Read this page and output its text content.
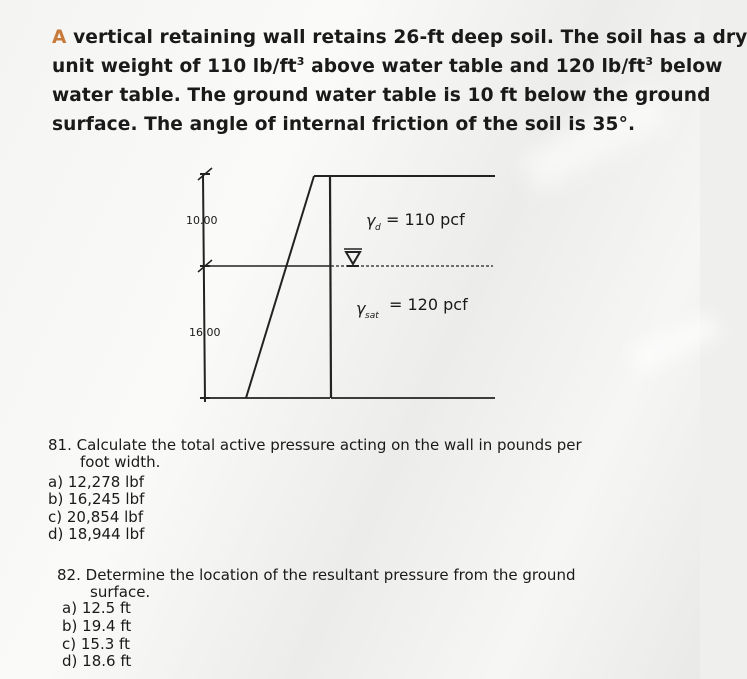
A vertical retaining wall retains 26-ft deep soil. The soil has a dry
unit weight of 110 $lb/ft^3$ above water table and 120 $lb/ft^3$ below
water table. The ground water table is 10 ft below the ground
surface. The angle of internal friction of the soil is 35°.
10.00
16.00
γ d = 110 pcf
γ sat
= 120 pcf
81. Calculate the total active pressure acting on the wall in pounds per
foot width.
a) 12,278 lbf
b) 16,245 lbf
c) 20,854 lbf
d) 18,944 lbf
82. Determine the location of the resultant pressure from the ground
surface.
a) 12.5 ft
b) 19.4 ft
c) 15.3 ft
d) 18.6 ft
